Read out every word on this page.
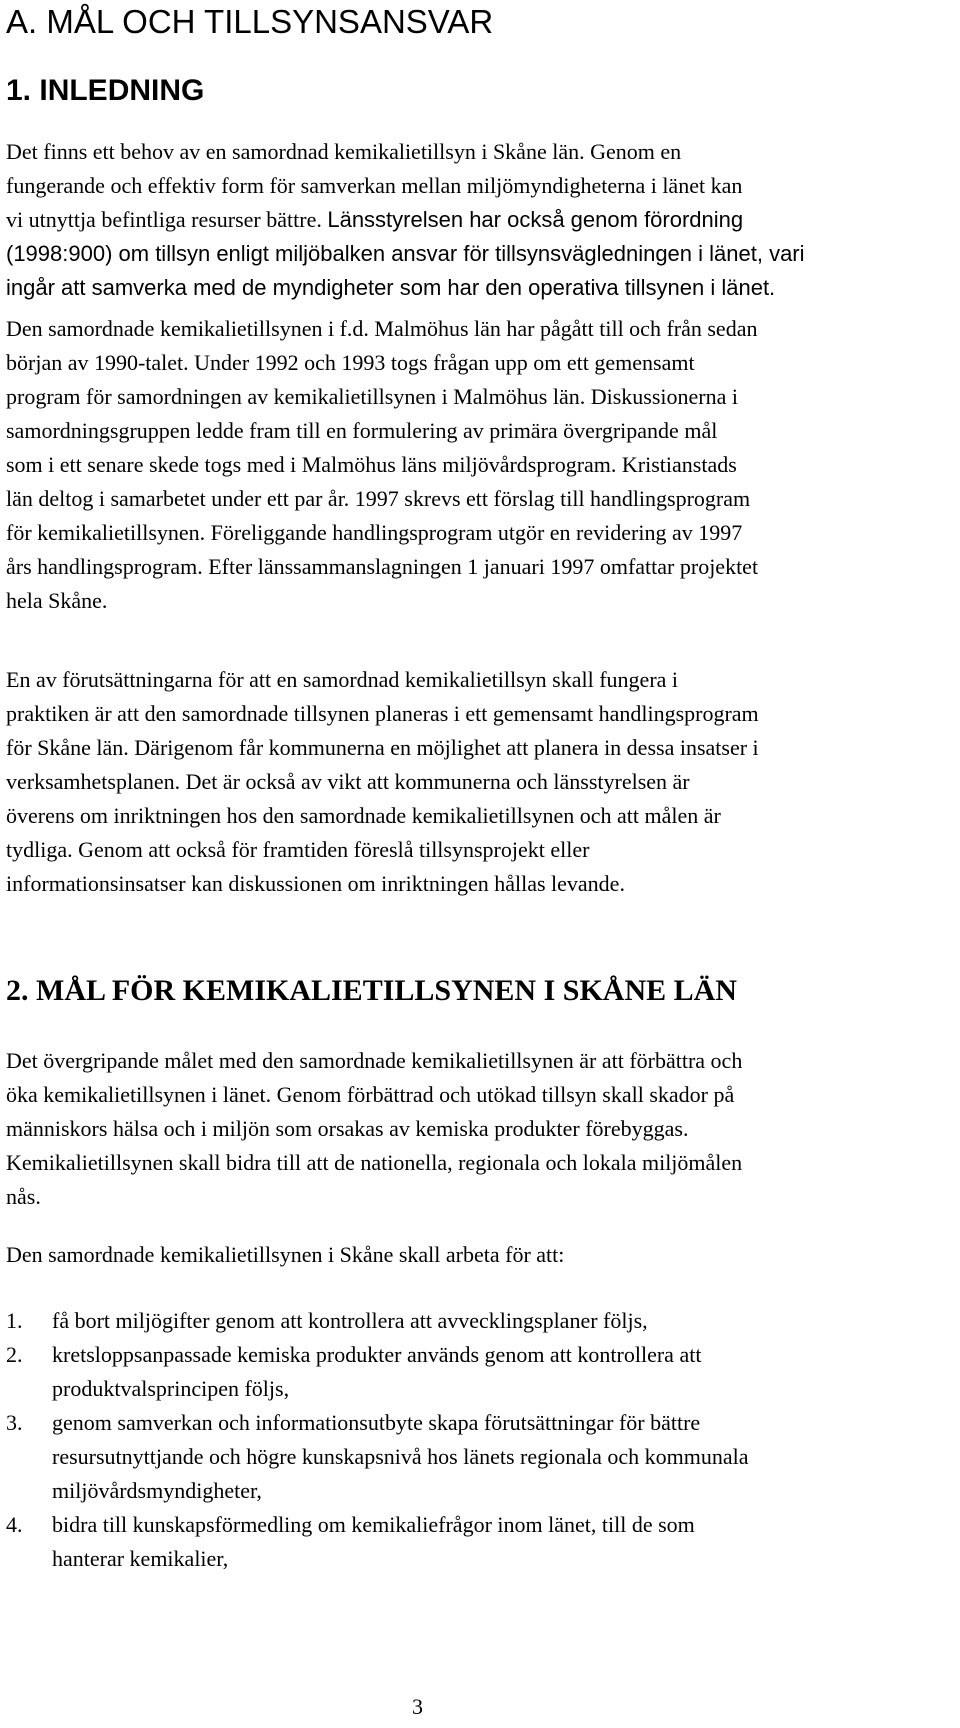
A. MÅL OCH TILLSYNSANSVAR
1. INLEDNING

Det finns ett behov av en samordnad kemikalietillsyn i Skåne län. Genom en
fungerande och effektiv form för samverkan mellan miljömyndigheterna i länet kan
vi utnyttja befintliga resurser bättre. Länsstyrelsen har också genom förordning
(1998:900) om tillsyn enligt miljöbalken ansvar för tillsynsvägledningen i länet, vari
ingår att samverka med de myndigheter som har den operativa tillsynen i länet.

Den samordnade kemikalietillsynen i f.d. Malmöhus län har pågått till och från sedan
början av 1990-talet. Under 1992 och 1993 togs frågan upp om ett gemensamt
program för samordningen av kemikalietillsynen i Malmöhus län. Diskussionerna i
samordningsgruppen ledde fram till en formulering av primära övergripande mål
som i ett senare skede togs med i Malmöhus läns miljövårdsprogram. Kristianstads
län deltog i samarbetet under ett par år. 1997 skrevs ett förslag till handlingsprogram
för kemikalietillsynen. Föreliggande handlingsprogram utgör en revidering av 1997
års handlingsprogram. Efter länssammanslagningen 1 januari 1997 omfattar projektet
hela Skåne.

En av förutsättningarna för att en samordnad kemikalietillsyn skall fungera i
praktiken är att den samordnade tillsynen planeras i ett gemensamt handlingsprogram
för Skåne län. Därigenom får kommunerna en möjlighet att planera in dessa insatser i
verksamhetsplanen. Det är också av vikt att kommunerna och länsstyrelsen är
överens om inriktningen hos den samordnade kemikalietillsynen och att målen är
tydliga. Genom att också för framtiden föreslå tillsynsprojekt eller
informationsinsatser kan diskussionen om inriktningen hållas levande.

2. MÅL FÖR KEMIKALIETILLSYNEN I SKÅNE LÄN

Det övergripande målet med den samordnade kemikalietillsynen är att förbättra och
öka kemikalietillsynen i länet. Genom förbättrad och utökad tillsyn skall skador på
människors hälsa och i miljön som orsakas av kemiska produkter förebyggas.
Kemikalietillsynen skall bidra till att de nationella, regionala och lokala miljömålen
nås.

Den samordnade kemikalietillsynen i Skåne skall arbeta för att:

1. få bort miljögifter genom att kontrollera att avvecklingsplaner följs,
2. kretsloppsanpassade kemiska produkter används genom att kontrollera att
produktvalsprincipen följs,
3. genom samverkan och informationsutbyte skapa förutsättningar för bättre
resursutnyttjande och högre kunskapsnivå hos länets regionala och kommunala
miljövårdsmyndigheter,
4. bidra till kunskapsförmedling om kemikaliefrågor inom länet, till de som
hanterar kemikalier,
3
